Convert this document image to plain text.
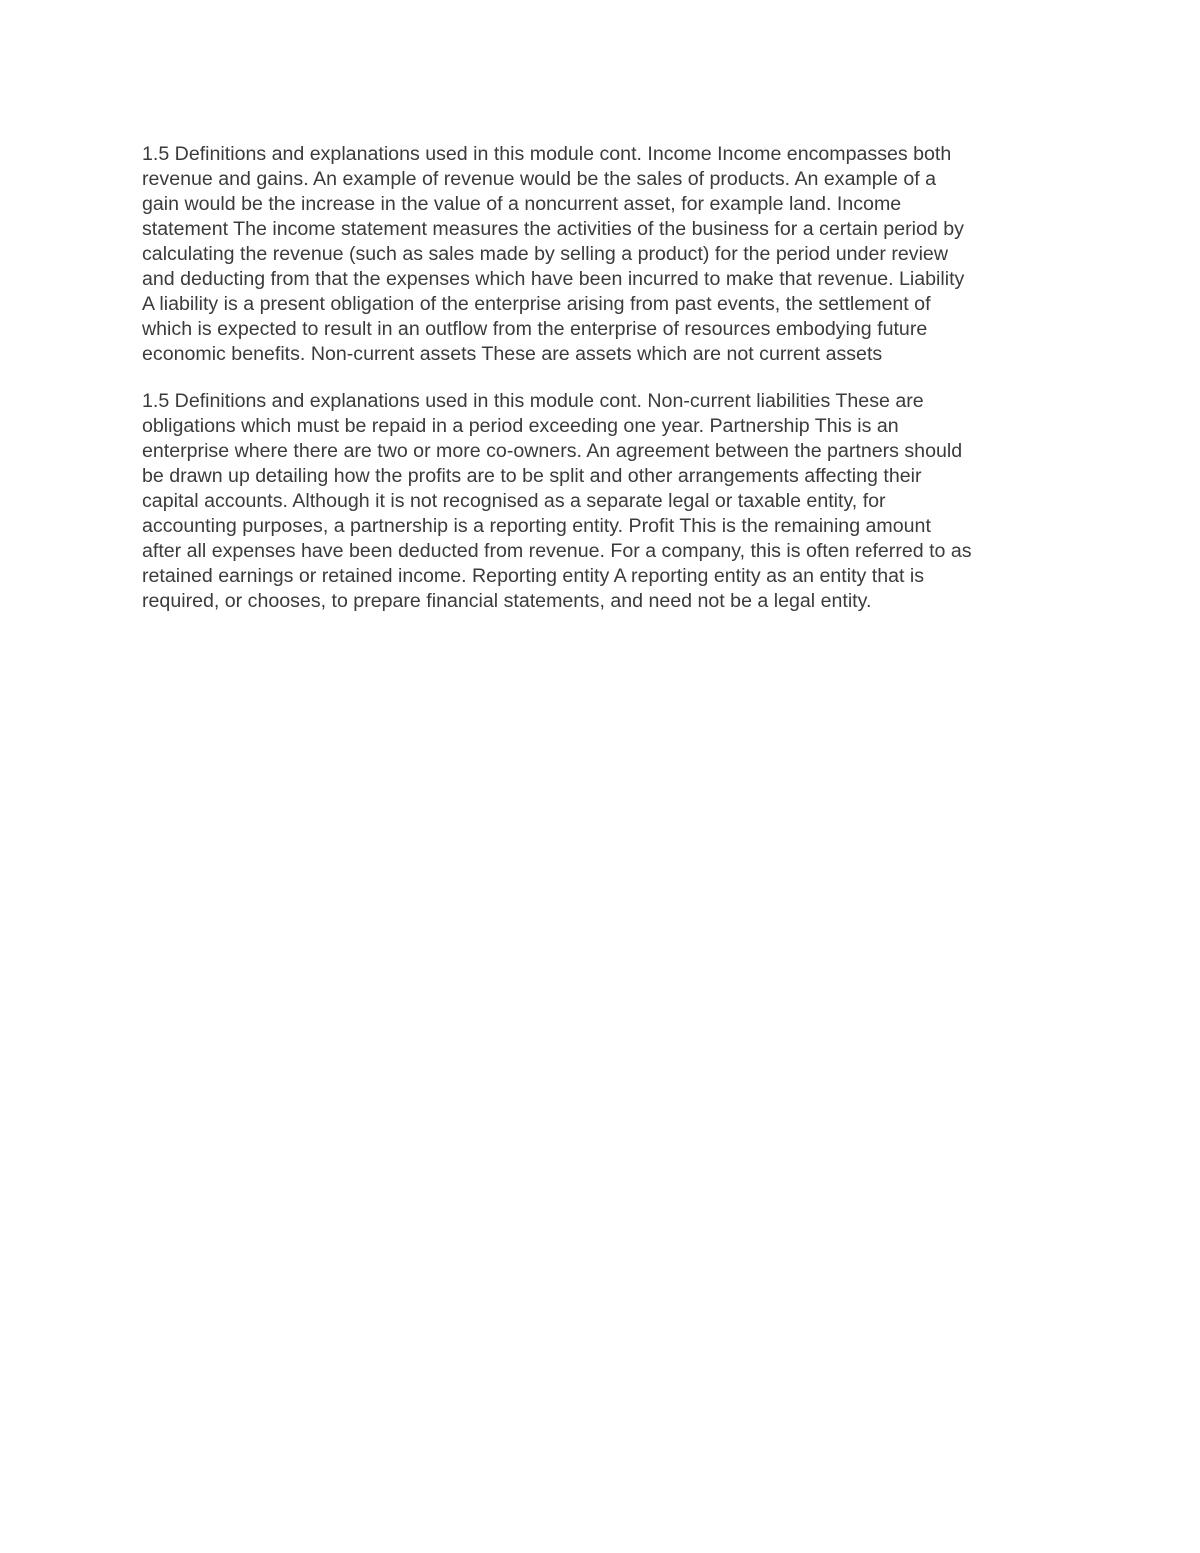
1.5 Definitions and explanations used in this module cont. Income Income encompasses both
revenue and gains. An example of revenue would be the sales of products. An example of a
gain would be the increase in the value of a noncurrent asset, for example land. Income
statement The income statement measures the activities of the business for a certain period by
calculating the revenue (such as sales made by selling a product) for the period under review
and deducting from that the expenses which have been incurred to make that revenue. Liability
A liability is a present obligation of the enterprise arising from past events, the settlement of
which is expected to result in an outflow from the enterprise of resources embodying future
economic benefits. Non-current assets These are assets which are not current assets

1.5 Definitions and explanations used in this module cont. Non-current liabilities These are
obligations which must be repaid in a period exceeding one year. Partnership This is an
enterprise where there are two or more co-owners. An agreement between the partners should
be drawn up detailing how the profits are to be split and other arrangements affecting their
capital accounts. Although it is not recognised as a separate legal or taxable entity, for
accounting purposes, a partnership is a reporting entity. Profit This is the remaining amount
after all expenses have been deducted from revenue. For a company, this is often referred to as
retained earnings or retained income. Reporting entity A reporting entity as an entity that is
required, or chooses, to prepare financial statements, and need not be a legal entity.
